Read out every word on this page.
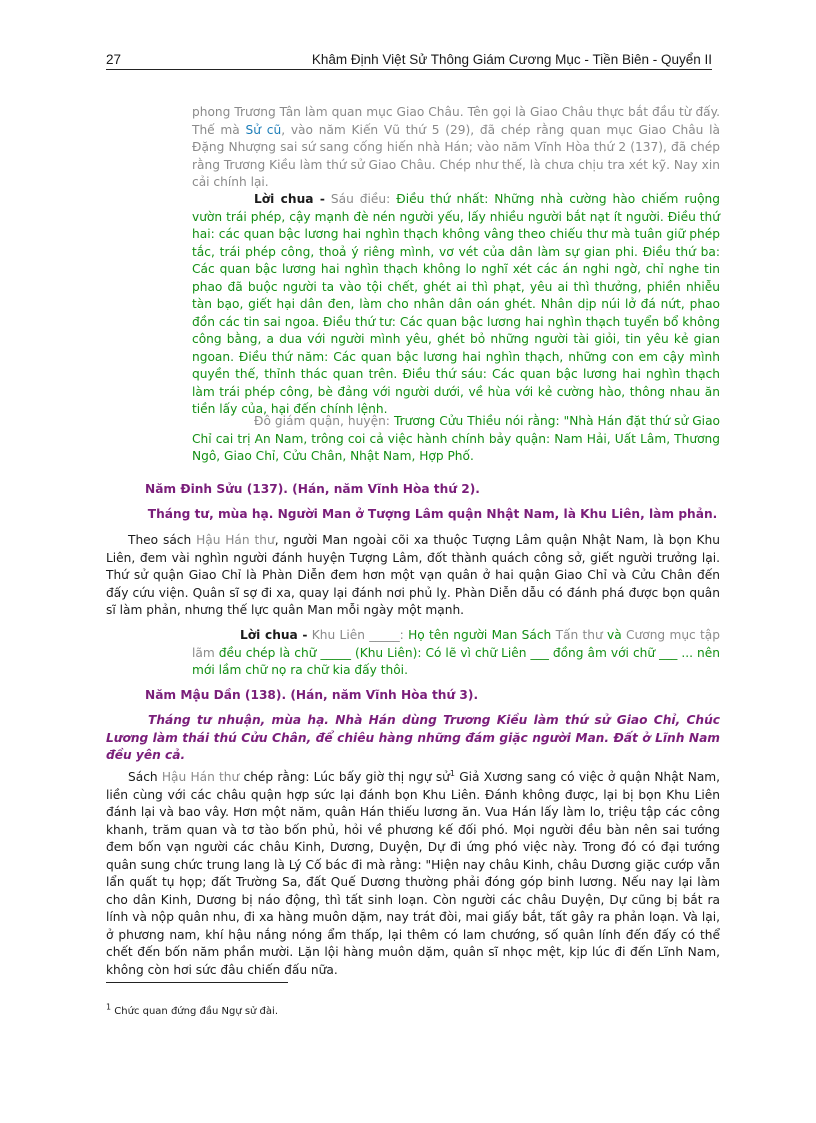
27	Khâm Định Việt Sử Thông Giám Cương Mục - Tiền Biên - Quyển II
phong Trương Tân làm quan mục Giao Châu. Tên gọi là Giao Châu thực bắt đầu từ đấy. Thế mà Sử cũ, vào năm Kiến Vũ thứ 5 (29), đã chép rằng quan mục Giao Châu là Đặng Nhượng sai sứ sang cống hiến nhà Hán; vào năm Vĩnh Hòa thứ 2 (137), đã chép rằng Trương Kiều làm thứ sử Giao Châu. Chép như thế, là chưa chịu tra xét kỹ. Nay xin cải chính lại.
Lời chua - Sáu điều: Điều thứ nhất: Những nhà cường hào chiếm ruộng vườn trái phép, cậy mạnh đè nén người yếu, lấy nhiều người bắt nạt ít người. Điều thứ hai: các quan bậc lương hai nghìn thạch không vâng theo chiếu thư mà tuân giữ phép tắc, trái phép công, thoả ý riêng mình, vơ vét của dân làm sự gian phi. Điều thứ ba: Các quan bậc lương hai nghìn thạch không lo nghĩ xét các án nghi ngờ, chỉ nghe tin phao đã buộc người ta vào tội chết, ghét ai thì phạt, yêu ai thì thưởng, phiền nhiễu tàn bạo, giết hại dân đen, làm cho nhân dân oán ghét. Nhân dịp núi lở đá nứt, phao đồn các tin sai ngoa. Điều thứ tư: Các quan bậc lương hai nghìn thạch tuyển bổ không công bằng, a dua với người mình yêu, ghét bỏ những người tài giỏi, tin yêu kẻ gian ngoan. Điều thứ năm: Các quan bậc lương hai nghìn thạch, những con em cậy mình quyền thế, thỉnh thác quan trên. Điều thứ sáu: Các quan bậc lương hai nghìn thạch làm trái phép công, bè đảng với người dưới, về hùa với kẻ cường hào, thông nhau ăn tiền lấy của, hại đến chính lệnh.
Đô giám quận, huyện: Trương Cửu Thiều nói rằng: "Nhà Hán đặt thứ sử Giao Chỉ cai trị An Nam, trông coi cả việc hành chính bảy quận: Nam Hải, Uất Lâm, Thương Ngô, Giao Chỉ, Cửu Chân, Nhật Nam, Hợp Phố.
Năm Đinh Sửu (137). (Hán, năm Vĩnh Hòa thứ 2).
Tháng tư, mùa hạ. Người Man ở Tượng Lâm quận Nhật Nam, là Khu Liên, làm phản.
Theo sách Hậu Hán thư, người Man ngoài cõi xa thuộc Tượng Lâm quận Nhật Nam, là bọn Khu Liên, đem vài nghìn người đánh huyện Tượng Lâm, đốt thành quách công sở, giết người trưởng lại. Thứ sử quận Giao Chỉ là Phàn Diễn đem hơn một vạn quân ở hai quận Giao Chỉ và Cửu Chân đến đấy cứu viện. Quân sĩ sợ đi xa, quay lại đánh nơi phủ lỵ. Phàn Diễn dẫu có đánh phá được bọn quân sĩ làm phản, nhưng thế lực quân Man mỗi ngày một mạnh.
Lời chua - Khu Liên _____: Họ tên người Man Sách Tấn thư và Cương mục tập lãm đều chép là chữ _____ (Khu Liên): Có lẽ vì chữ Liên ___ đồng âm với chữ ___ ... nên mới lầm chữ nọ ra chữ kia đấy thôi.
Năm Mậu Dần (138). (Hán, năm Vĩnh Hòa thứ 3).
Tháng tư nhuận, mùa hạ. Nhà Hán dùng Trương Kiều làm thứ sử Giao Chỉ, Chúc Lương làm thái thú Cửu Chân, để chiêu hàng những đám giặc người Man. Đất ở Lĩnh Nam đều yên cả.
Sách Hậu Hán thư chép rằng: Lúc bấy giờ thị ngự sử$^1$ Giả Xương sang có việc ở quận Nhật Nam, liền cùng với các châu quận hợp sức lại đánh bọn Khu Liên. Đánh không được, lại bị bọn Khu Liên đánh lại và bao vây. Hơn một năm, quân Hán thiếu lương ăn. Vua Hán lấy làm lo, triệu tập các công khanh, trăm quan và tơ tào bốn phủ, hỏi về phương kế đối phó. Mọi người đều bàn nên sai tướng đem bốn vạn người các châu Kinh, Dương, Duyện, Dự đi ứng phó việc này. Trong đó có đại tướng quân sung chức trung lang là Lý Cố bác đi mà rằng: "Hiện nay châu Kinh, châu Dương giặc cướp vẫn lẩn quất tụ họp; đất Trường Sa, đất Quế Dương thường phải đóng góp binh lương. Nếu nay lại làm cho dân Kinh, Dương bị náo động, thì tất sinh loạn. Còn người các châu Duyện, Dự cũng bị bắt ra lính và nộp quân nhu, đi xa hàng muôn dặm, nay trát đòi, mai giấy bắt, tất gây ra phản loạn. Và lại, ở phương nam, khí hậu nắng nóng ẩm thấp, lại thêm có lam chướng, số quân lính đến đấy có thể chết đến bốn năm phần mười. Lặn lội hàng muôn dặm, quân sĩ nhọc mệt, kịp lúc đi đến Lĩnh Nam, không còn hơi sức đâu chiến đấu nữa.
$^1$ Chức quan đứng đầu Ngự sử đài.
